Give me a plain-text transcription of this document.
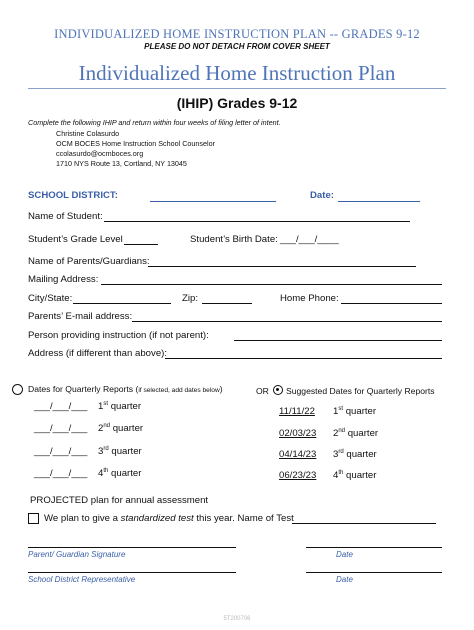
INDIVIDUALIZED HOME INSTRUCTION PLAN -- GRADES 9-12
PLEASE DO NOT DETACH FROM COVER SHEET
Individualized Home Instruction Plan
(IHIP) Grades 9-12
Complete the following IHIP and return within four weeks of filing letter of intent.
Christine Colasurdo
OCM BOCES Home Instruction School Counselor
ccolasurdo@ocmboces.org
1710 NYS Route 13, Cortland, NY 13045
SCHOOL DISTRICT:	Date:
Name of Student:
Student’s Grade Level	Student’s Birth Date: ___/___/____
Name of Parents/Guardians:
Mailing Address:
City/State:	Zip:	Home Phone:
Parents’ E-mail address:
Person providing instruction (if not parent):
Address (if different than above):
Dates for Quarterly Reports (if selected, add dates below)	OR Suggested Dates for Quarterly Reports
___/___/___ 1st quarter
___/___/___ 2nd quarter
___/___/___ 3rd quarter
___/___/___ 4th quarter
11/11/22 1st quarter
02/03/23 2nd quarter
04/14/23 3rd quarter
06/23/23 4th quarter
PROJECTED plan for annual assessment
We plan to give a standardized test this year. Name of Test
Parent/ Guardian Signature	Date
School District Representative	Date
5T200706
